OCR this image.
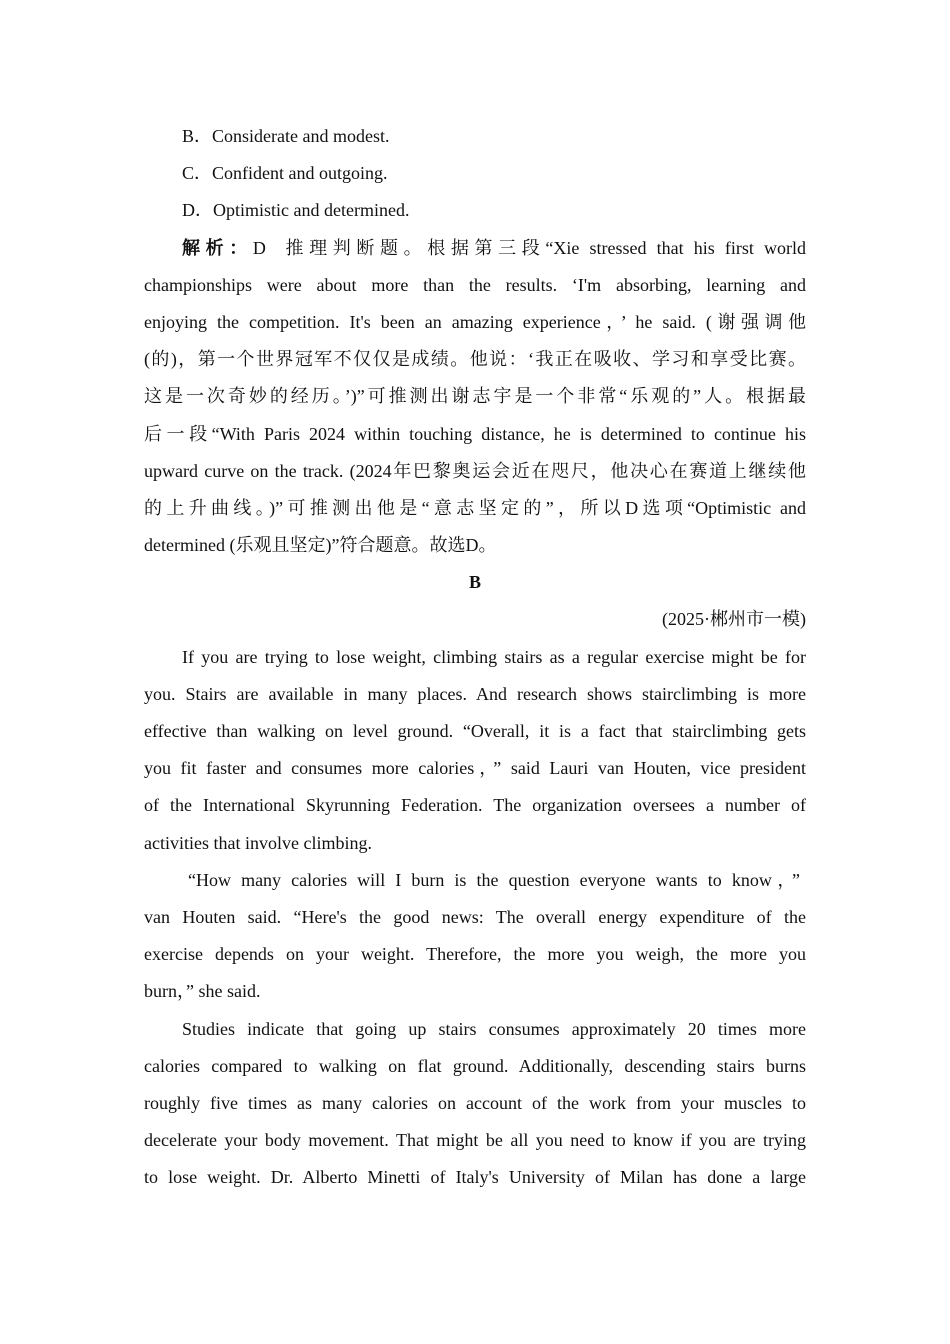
B．Considerate and modest.
C．Confident and outgoing.
D．Optimistic and determined.
解析：D 推理判断题。根据第三段“Xie stressed that his first world
championships were about more than the results. ‘I'm absorbing, learning and
enjoying the competition. It's been an amazing experience，’ he said. (谢强调他
(的)，第一个世界冠军不仅仅是成绩。他说：‘我正在吸收、学习和享受比赛。
这是一次奇妙的经历。’)”可推测出谢志宇是一个非常“乐观的”人。根据最
后一段“With Paris 2024 within touching distance, he is determined to continue his
upward curve on the track. (2024年巴黎奥运会近在咫尺，他决心在赛道上继续他
的上升曲线。)”可推测出他是“意志坚定的”，所以D选项“Optimistic and
determined (乐观且坚定)”符合题意。故选D。
B
(2025·郴州市一模)
If you are trying to lose weight, climbing stairs as a regular exercise might be for
you. Stairs are available in many places. And research shows stairclimbing is more
effective than walking on level ground. “Overall, it is a fact that stairclimbing gets
you fit faster and consumes more calories，” said Lauri van Houten, vice president
of the International Skyrunning Federation. The organization oversees a number of
activities that involve climbing.
“How many calories will I burn is the question everyone wants to know，”
van Houten said. “Here's the good news: The overall energy expenditure of the
exercise depends on your weight. Therefore, the more you weigh, the more you
burn，” she said.
Studies indicate that going up stairs consumes approximately 20 times more
calories compared to walking on flat ground. Additionally, descending stairs burns
roughly five times as many calories on account of the work from your muscles to
decelerate your body movement. That might be all you need to know if you are trying
to lose weight. Dr. Alberto Minetti of Italy's University of Milan has done a large
